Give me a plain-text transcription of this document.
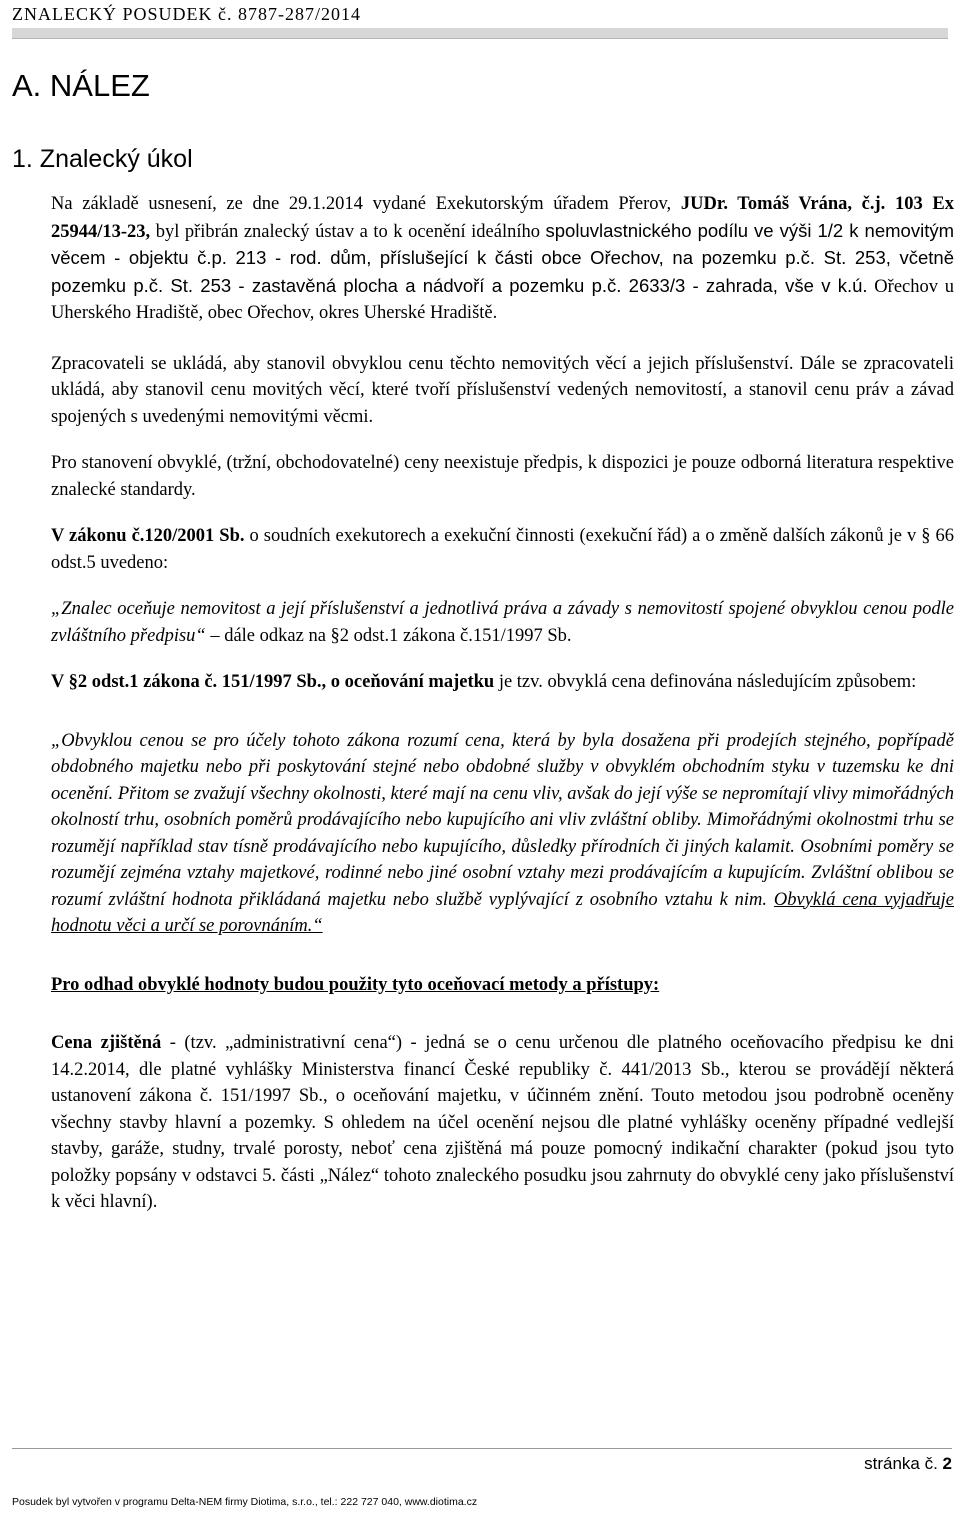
ZNALECKÝ POSUDEK č. 8787-287/2014
A. NÁLEZ
1. Znalecký úkol

Na základě usnesení, ze dne 29.1.2014 vydané Exekutorským úřadem Přerov, JUDr. Tomáš Vrána, č.j. 103 Ex 25944/13-23, byl přibrán znalecký ústav a to k ocenění ideálního spoluvlastnického podílu ve výši 1/2 k nemovitým věcem - objektu č.p. 213 - rod. dům, příslušející k části obce Ořechov, na pozemku p.č. St. 253, včetně pozemku p.č. St. 253 - zastavěná plocha a nádvoří a pozemku p.č. 2633/3 - zahrada, vše v k.ú. Ořechov u Uherského Hradiště, obec Ořechov, okres Uherské Hradiště.

Zpracovateli se ukládá, aby stanovil obvyklou cenu těchto nemovitých věcí a jejich příslušenství. Dále se zpracovateli ukládá, aby stanovil cenu movitých věcí, které tvoří příslušenství vedených nemovitostí, a stanovil cenu práv a závad spojených s uvedenými nemovitými věcmi.

Pro stanovení obvyklé, (tržní, obchodovatelné) ceny neexistuje předpis, k dispozici je pouze odborná literatura respektive znalecké standardy.

V zákonu č.120/2001 Sb. o soudních exekutorech a exekuční činnosti (exekuční řád) a o změně dalších zákonů je v § 66 odst.5 uvedeno:

„Znalec oceňuje nemovitost a její příslušenství a jednotlivá práva a závady s nemovitostí spojené obvyklou cenou podle zvláštního předpisu“ – dále odkaz na §2 odst.1 zákona č.151/1997 Sb.

V §2 odst.1 zákona č. 151/1997 Sb., o oceňování majetku je tzv. obvyklá cena definována následujícím způsobem:

„Obvyklou cenou se pro účely tohoto zákona rozumí cena, která by byla dosažena při prodejích stejného, popřípadě obdobného majetku nebo při poskytování stejné nebo obdobné služby v obvyklém obchodním styku v tuzemsku ke dni ocenění. Přitom se zvažují všechny okolnosti, které mají na cenu vliv, avšak do její výše se nepromítají vlivy mimořádných okolností trhu, osobních poměrů prodávajícího nebo kupujícího ani vliv zvláštní obliby. Mimořádnými okolnostmi trhu se rozumějí například stav tísně prodávajícího nebo kupujícího, důsledky přírodních či jiných kalamit. Osobními poměry se rozumějí zejména vztahy majetkové, rodinné nebo jiné osobní vztahy mezi prodávajícím a kupujícím. Zvláštní oblibou se rozumí zvláštní hodnota přikládaná majetku nebo službě vyplývající z osobního vztahu k nim. Obvyklá cena vyjadřuje hodnotu věci a určí se porovnáním.“

Pro odhad obvyklé hodnoty budou použity tyto oceňovací metody a přístupy:

Cena zjištěná - (tzv. „administrativní cena“) - jedná se o cenu určenou dle platného oceňovacího předpisu ke dni 14.2.2014, dle platné vyhlášky Ministerstva financí České republiky č. 441/2013 Sb., kterou se provádějí některá ustanovení zákona č. 151/1997 Sb., o oceňování majetku, v účinném znění. Touto metodou jsou podrobně oceněny všechny stavby hlavní a pozemky. S ohledem na účel ocenění nejsou dle platné vyhlášky oceněny případné vedlejší stavby, garáže, studny, trvalé porosty, neboť cena zjištěná má pouze pomocný indikační charakter (pokud jsou tyto položky popsány v odstavci 5. části „Nález“ tohoto znaleckého posudku jsou zahrnuty do obvyklé ceny jako příslušenství k věci hlavní).

stránka č. 2
Posudek byl vytvořen v programu Delta-NEM firmy Diotima, s.r.o., tel.: 222 727 040, www.diotima.cz
